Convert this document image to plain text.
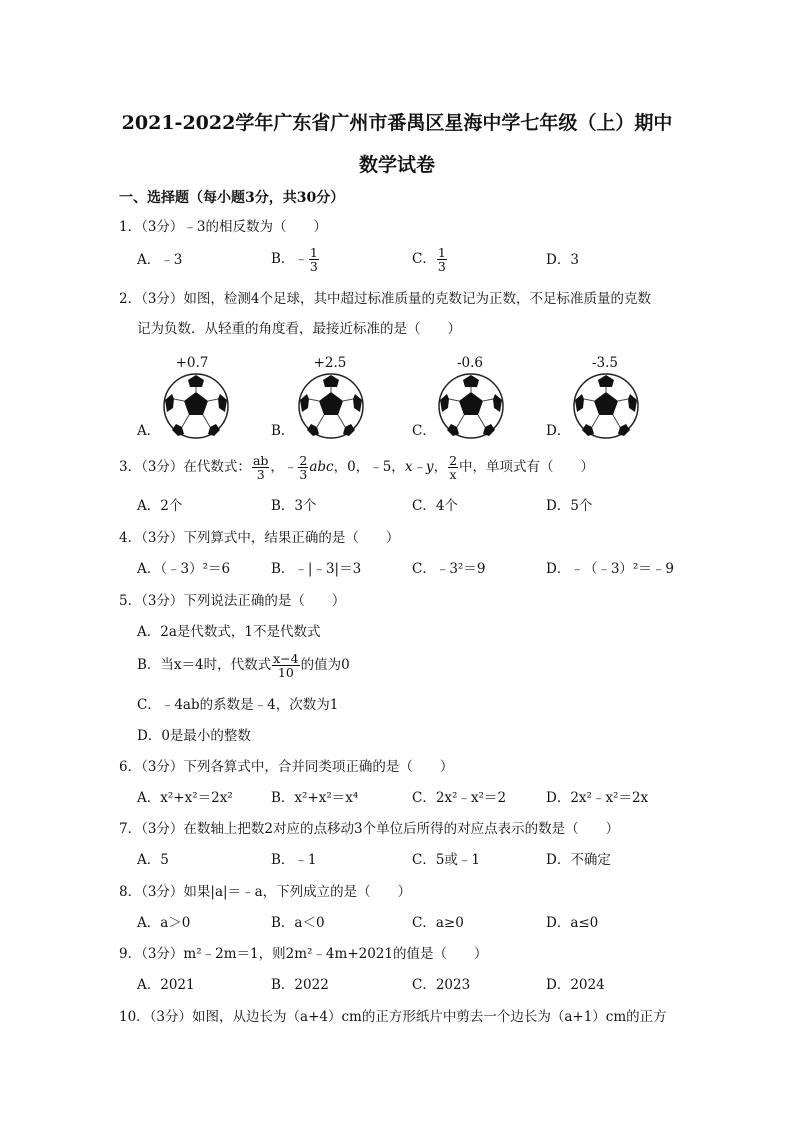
2021-2022学年广东省广州市番禺区星海中学七年级（上）期中
数学试卷
一、选择题（每小题3分，共30分）
1．（3分）﹣3的相反数为（　　）
A．﹣3	B．﹣ $\frac{1}{3}$	C． $\frac{1}{3}$	D．3
2．（3分）如图，检测4个足球，其中超过标准质量的克数记为正数，不足标准质量的克数
记为负数．从轻重的角度看，最接近标准的是（　　）
+0.7
A．
+2.5
B．
-0.6
C．
-3.5
D．
3．（3分）在代数式： $\frac{ab}{3}$ ，﹣ $\frac{2}{3}$ abc，0，﹣5，x﹣y， $\frac{2}{x}$ 中，单项式有（　　）
A．2个	B．3个	C．4个	D．5个
4．（3分）下列算式中，结果正确的是（　　）
A．（﹣3）²＝6	B．﹣|﹣3|＝3	C．﹣3²＝9	D．﹣（﹣3）²＝﹣9
5．（3分）下列说法正确的是（　　）
A．2a是代数式，1不是代数式
B．当x＝4时，代数式 $\frac{x-4}{10}$ 的值为0
C．﹣4ab的系数是﹣4，次数为1
D．0是最小的整数
6．（3分）下列各算式中，合并同类项正确的是（　　）
A．x²+x²＝2x²	B．x²+x²＝x⁴	C．2x²﹣x²＝2	D．2x²﹣x²＝2x
7．（3分）在数轴上把数2对应的点移动3个单位后所得的对应点表示的数是（　　）
A．5	B．﹣1	C．5或﹣1	D．不确定
8．（3分）如果|a|＝﹣a，下列成立的是（　　）
A．a＞0	B．a＜0	C．a≥0	D．a≤0
9．（3分）m²﹣2m＝1，则2m²﹣4m+2021的值是（　　）
A．2021	B．2022	C．2023	D．2024
10．（3分）如图，从边长为（a+4）cm的正方形纸片中剪去一个边长为（a+1）cm的正方
